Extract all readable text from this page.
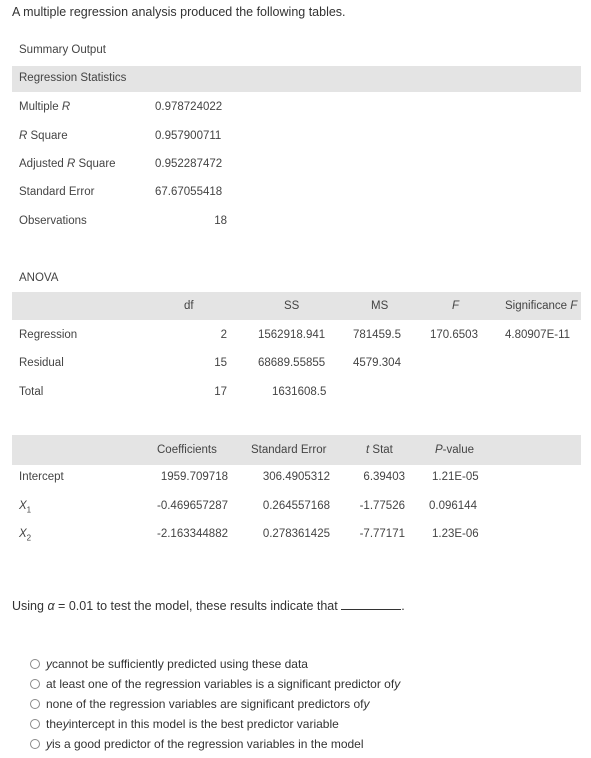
A multiple regression analysis produced the following tables.
Summary Output
Regression Statistics
Multiple R	0.978724022
R Square	0.957900711
Adjusted R Square	0.952287472
Standard Error	67.67055418
Observations	18
ANOVA
df	SS	MS	F	Significance F
Regression	2	1562918.941 781459.5	170.6503 4.80907E-11
Residual	15	68689.55855 4579.304
Total	17	1631608.5
Coefficients	Standard Error	t Stat	P-value
Intercept	1959.709718	306.4905312	6.39403 1.21E-05
$X_1$	-0.469657287	0.264557168	-1.77526 0.096144
$X_2$	-2.163344882	0.278361425	-7.77171 1.23E-06
Using α = 0.01 to test the model, these results indicate that	.
y cannot be sufficiently predicted using these data
at least one of the regression variables is a significant predictor of y
none of the regression variables are significant predictors of y
the y intercept in this model is the best predictor variable
y is a good predictor of the regression variables in the model
